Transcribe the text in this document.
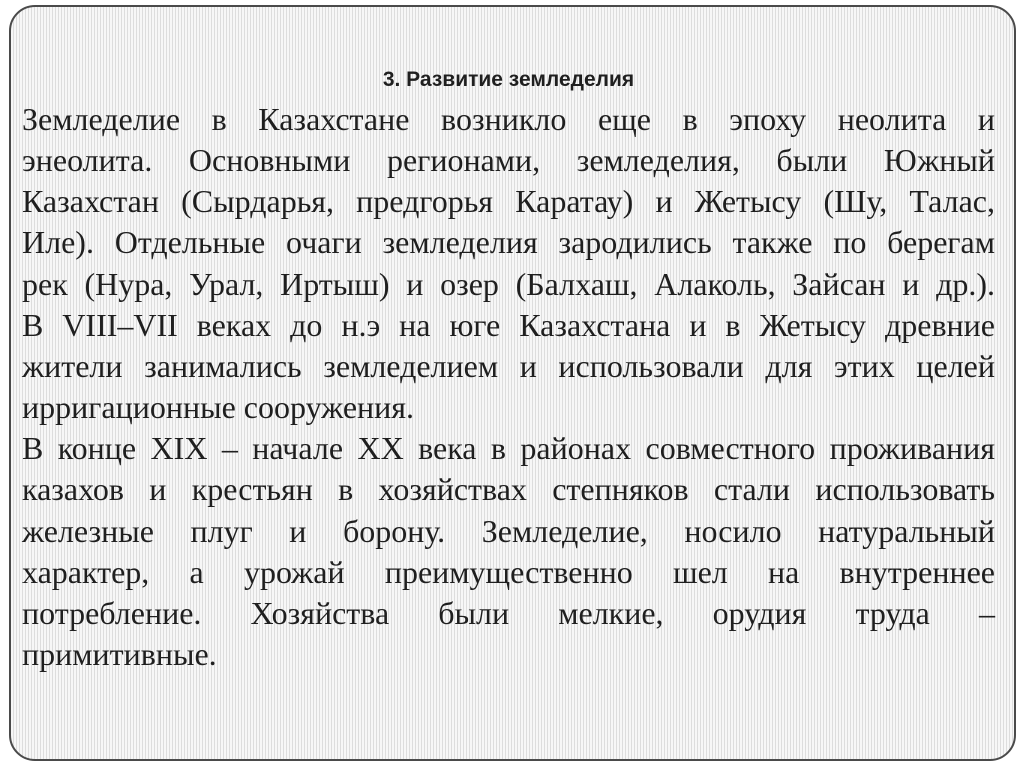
3. Развитие земледелия
Земледелие в Казахстане возникло еще в эпоху неолита и
энеолита. Основными регионами, земледелия, были Южный
Казахстан (Сырдарья, предгорья Каратау) и Жетысу (Шу, Талас,
Иле). Отдельные очаги земледелия зародились также по берегам
рек (Нура, Урал, Иртыш) и озер (Балхаш, Алаколь, Зайсан и др.).
В VIII–VII веках до н.э на юге Казахстана и в Жетысу древние
жители занимались земледелием и использовали для этих целей
ирригационные сооружения.
В конце XIX – начале XX века в районах совместного проживания
казахов и крестьян в хозяйствах степняков стали использовать
железные плуг и борону. Земледелие, носило натуральный
характер, а урожай преимущественно шел на внутреннее
потребление. Хозяйства были мелкие, орудия труда –
примитивные.
